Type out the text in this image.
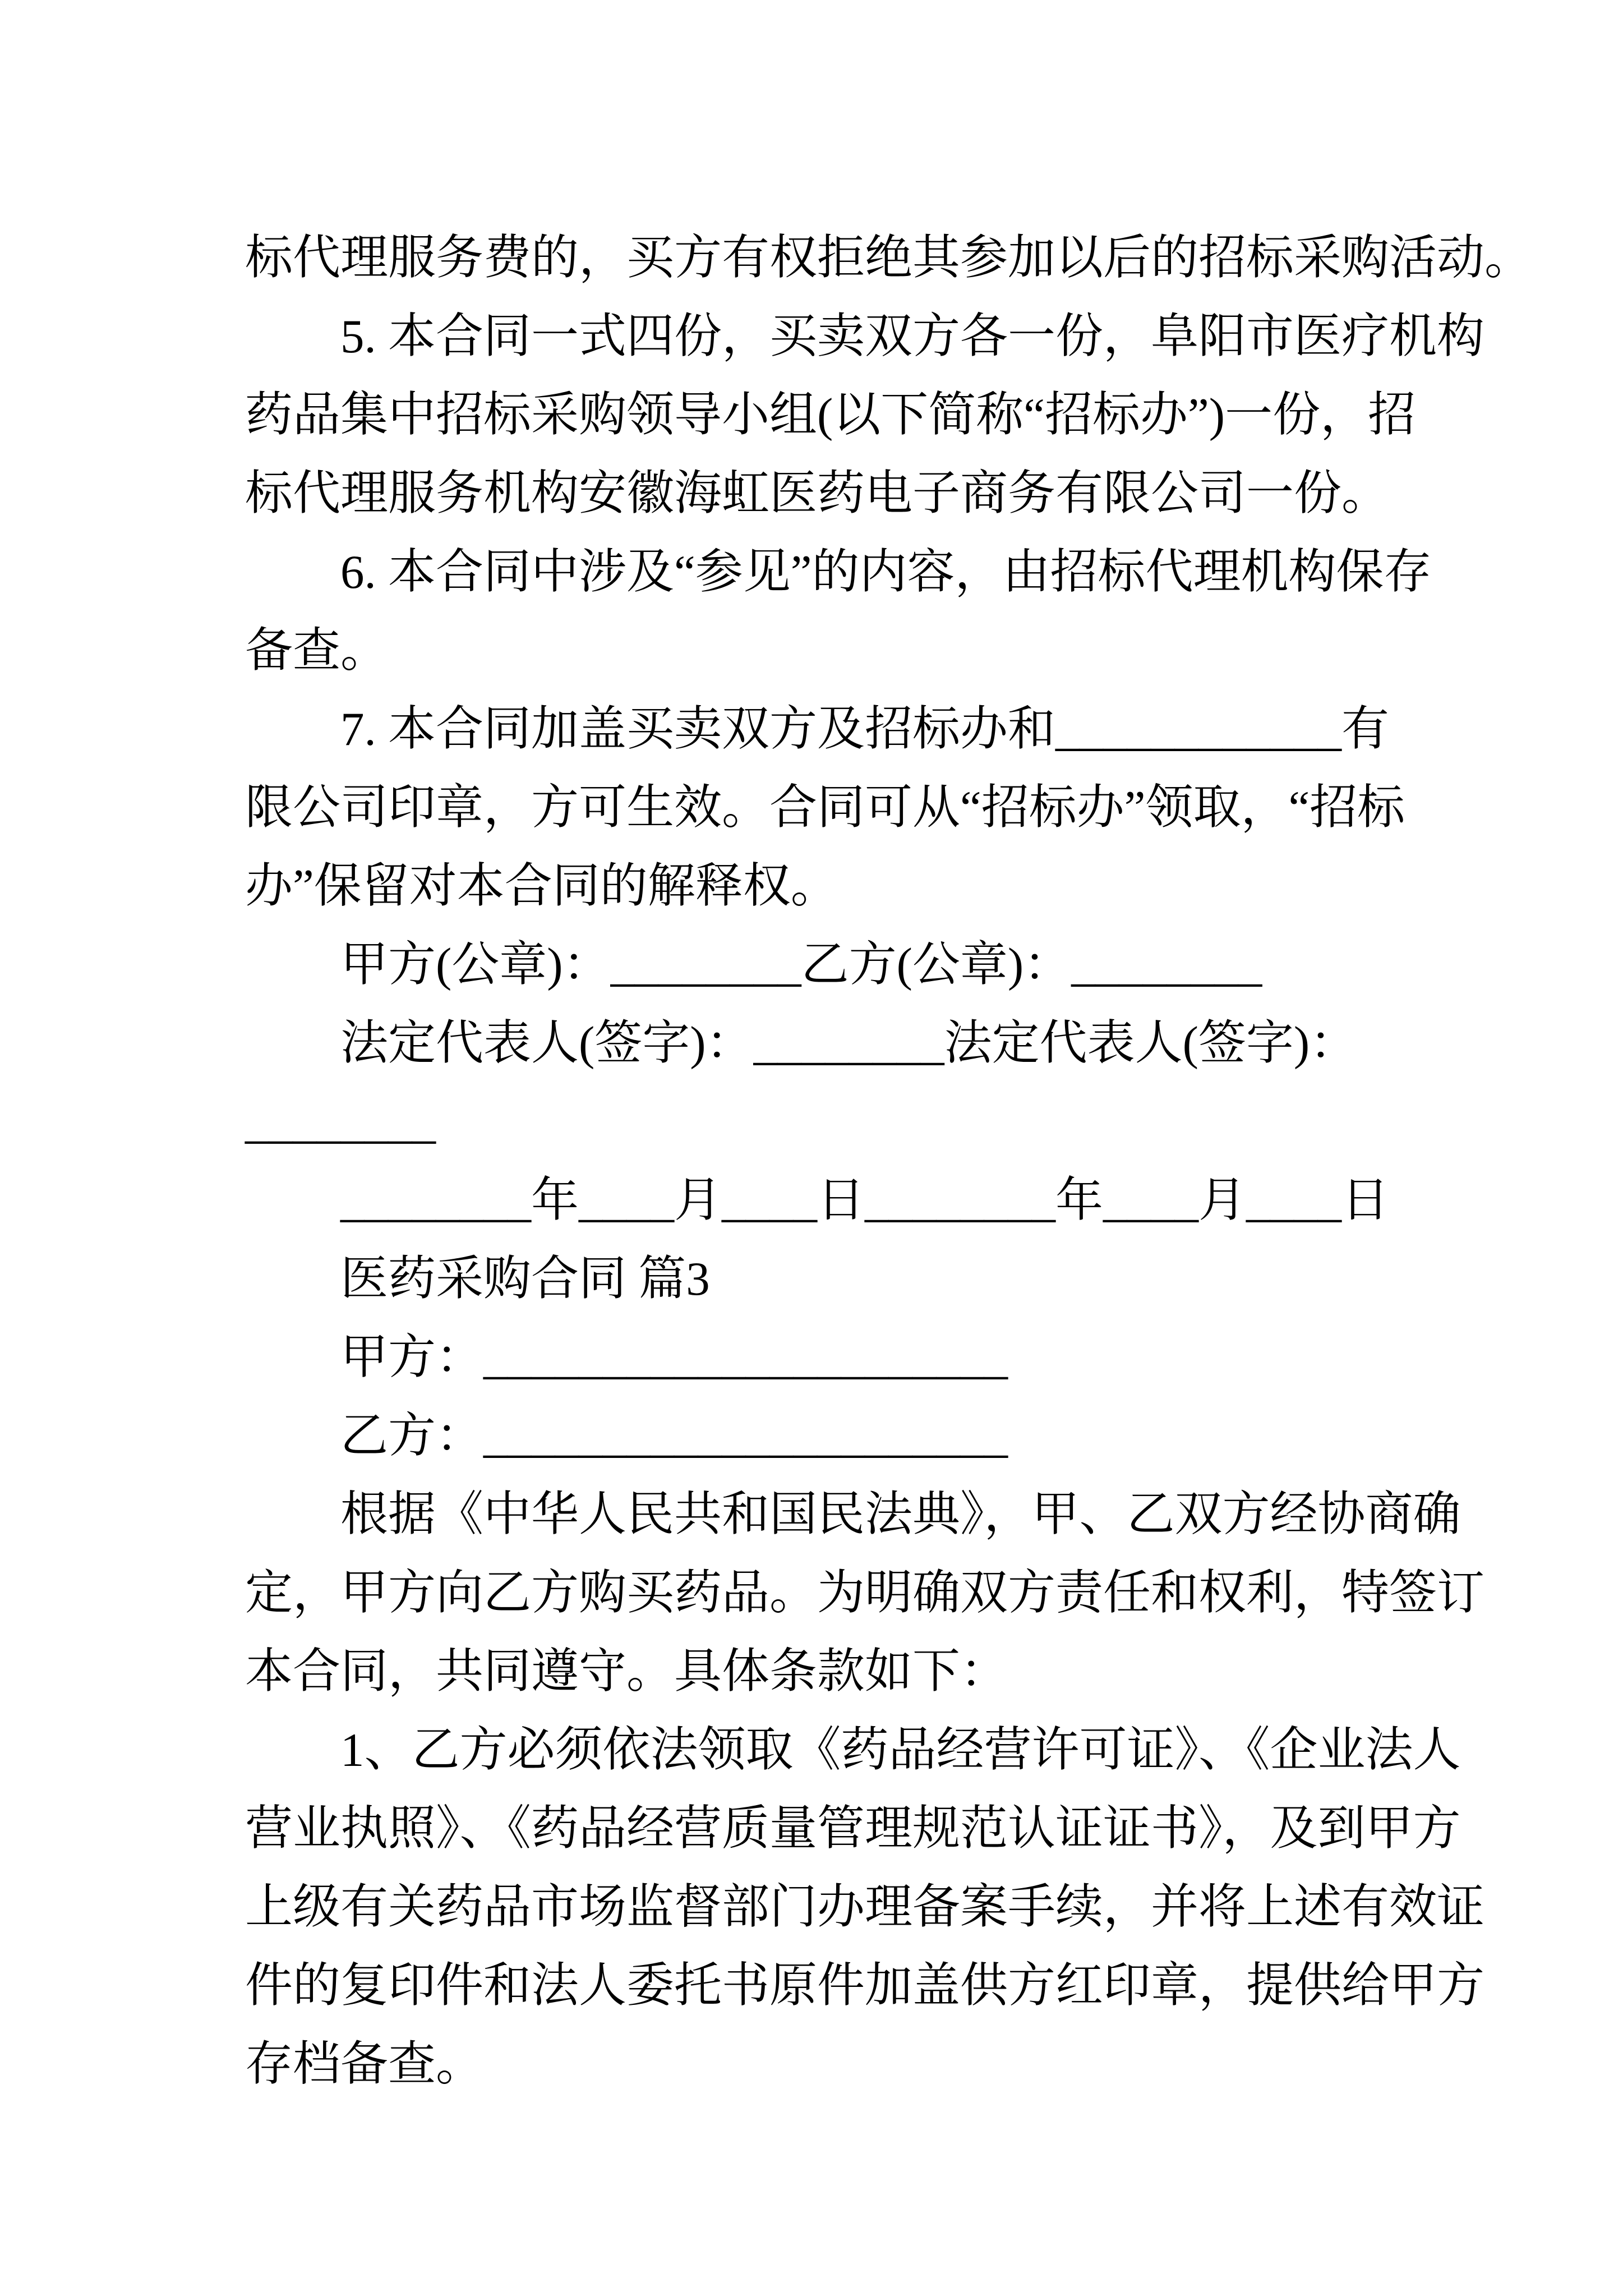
标代理服务费的，买方有权拒绝其参加以后的招标采购活动。
5. 本合同一式四份，买卖双方各一份，阜阳市医疗机构
药品集中招标采购领导小组(以下简称“招标办”)一份，招
标代理服务机构安徽海虹医药电子商务有限公司一份。
6. 本合同中涉及“参见”的内容，由招标代理机构保存
备查。
7. 本合同加盖买卖双方及招标办和____________有
限公司印章，方可生效。合同可从“招标办”领取，“招标
办”保留对本合同的解释权。
甲方(公章)：________乙方(公章)：________
法定代表人(签字)：________法定代表人(签字)：
________
________年____月____日________年____月____日
医药采购合同 篇3
甲方：______________________
乙方：______________________
根据《中华人民共和国民法典》，甲、乙双方经协商确
定，甲方向乙方购买药品。为明确双方责任和权利，特签订
本合同，共同遵守。具体条款如下：
1、乙方必须依法领取《药品经营许可证》、《企业法人
营业执照》、《药品经营质量管理规范认证证书》，及到甲方
上级有关药品市场监督部门办理备案手续，并将上述有效证
件的复印件和法人委托书原件加盖供方红印章，提供给甲方
存档备查。
